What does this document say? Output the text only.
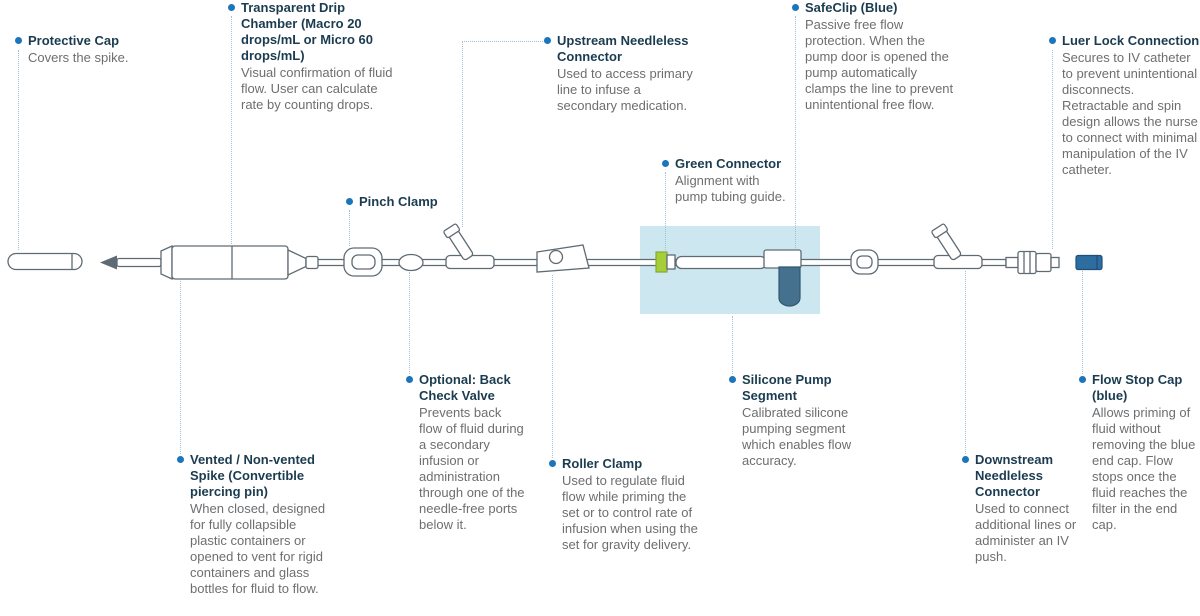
Protective Cap
Covers the spike.
Transparent Drip Chamber (Macro 20 drops/mL or Micro 60 drops/mL)
Visual confirmation of fluid flow. User can calculate rate by counting drops.
Pinch Clamp
Upstream Needleless Connector
Used to access primary line to infuse a secondary medication.
Green Connector
Alignment with pump tubing guide.
SafeClip (Blue)
Passive free flow protection. When the pump door is opened the pump automatically clamps the line to prevent unintentional free flow.
Luer Lock Connection
Secures to IV catheter to prevent unintentional disconnects. Retractable and spin design allows the nurse to connect with minimal manipulation of the IV catheter.
Vented / Non-vented Spike (Convertible piercing pin)
When closed, designed for fully collapsible plastic containers or opened to vent for rigid containers and glass bottles for fluid to flow.
Optional: Back Check Valve
Prevents back flow of fluid during a secondary infusion or administration through one of the needle-free ports below it.
Roller Clamp
Used to regulate fluid flow while priming the set or to control rate of infusion when using the set for gravity delivery.
Silicone Pump Segment
Calibrated silicone pumping segment which enables flow accuracy.	Downstream Needleless Connector
Used to connect additional lines or administer an IV push.
Flow Stop Cap (blue)
Allows priming of fluid without removing the blue end cap. Flow stops once the fluid reaches the filter in the end cap.
